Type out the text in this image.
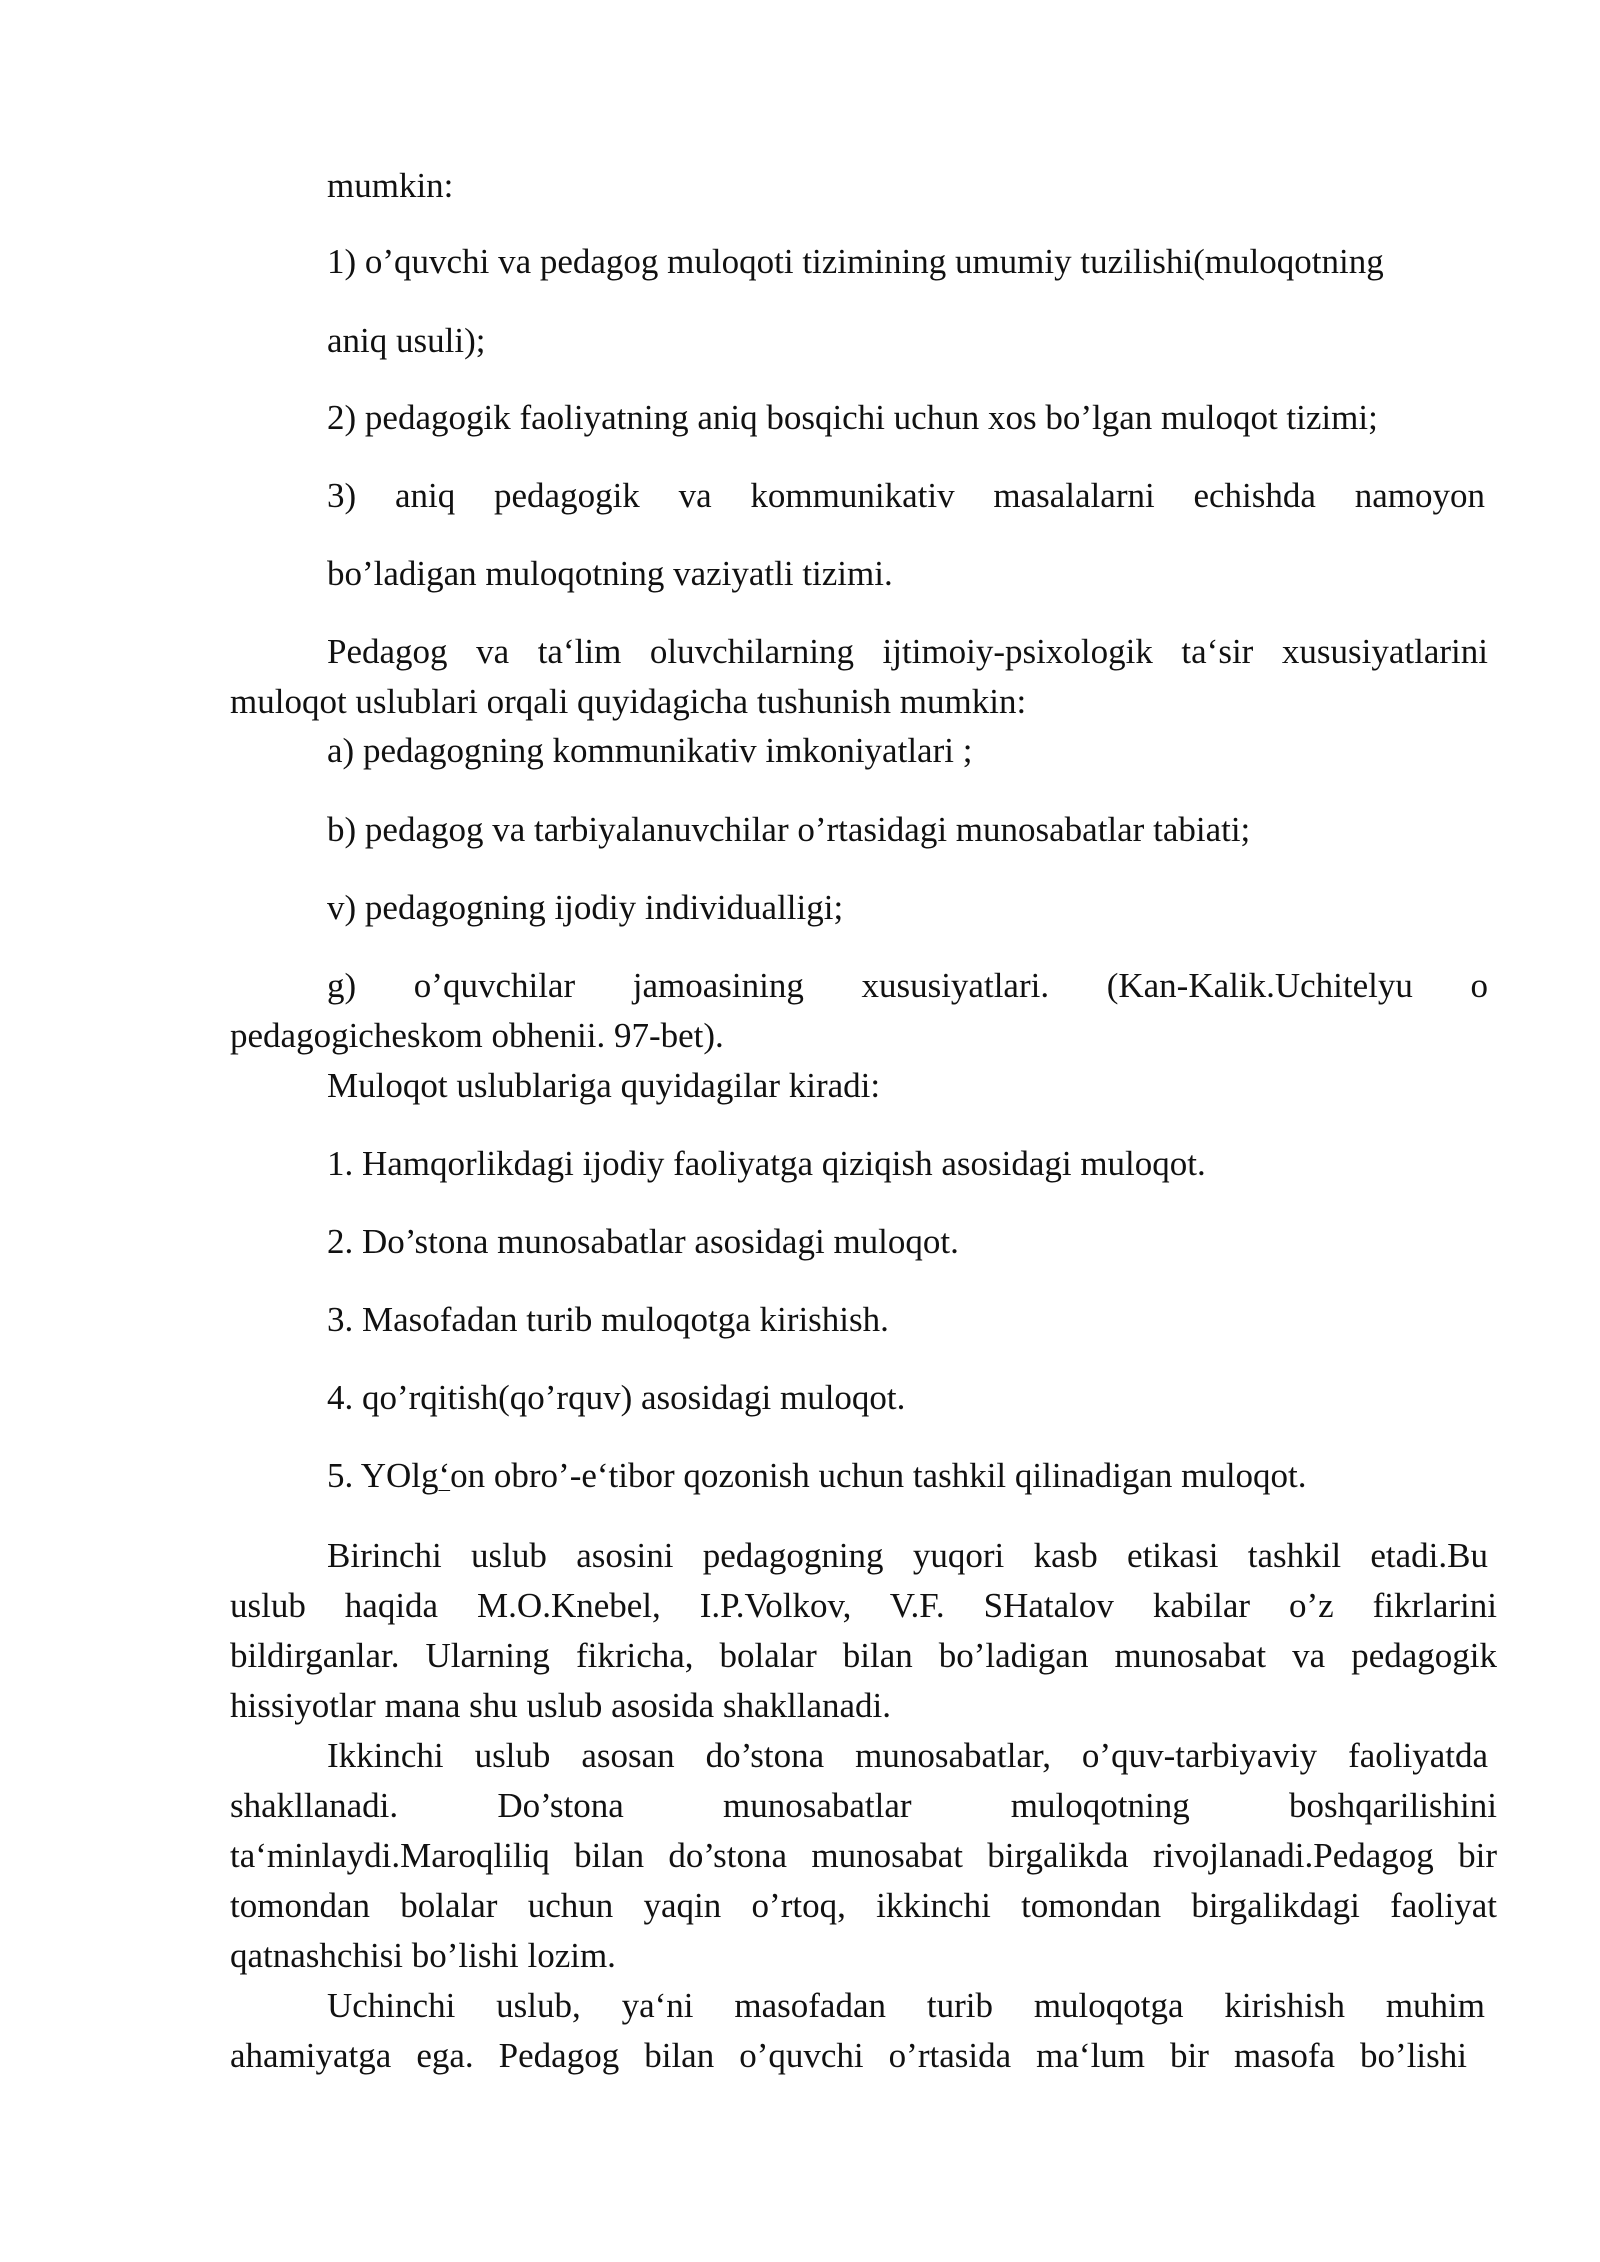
mumkin:

1) o’quvchi va pedagog muloqoti tizimining umumiy tuzilishi(muloqotning

aniq usuli);

2) pedagogik faoliyatning aniq bosqichi uchun xos bo’lgan muloqot tizimi;

3) aniq pedagogik va kommunikativ masalalarni echishda namoyon

bo’ladigan muloqotning vaziyatli tizimi.

Pedagog va ta‘lim oluvchilarning ijtimoiy-psixologik ta‘sir xususiyatlarini

muloqot uslublari orqali quyidagicha tushunish mumkin:

a) pedagogning kommunikativ imkoniyatlari ;

b) pedagog va tarbiyalanuvchilar o’rtasidagi munosabatlar tabiati;

v) pedagogning ijodiy individualligi;

g) o’quvchilar jamoasining xususiyatlari. (Kan-Kalik.Uchitelyu o

pedagogicheskom obhenii. 97-bet).

Muloqot uslublariga quyidagilar kiradi:

1. Hamqorlikdagi ijodiy faoliyatga qiziqish asosidagi muloqot.

2. Do’stona munosabatlar asosidagi muloqot.

3. Masofadan turib muloqotga kirishish.

4. qo’rqitish(qo’rquv) asosidagi muloqot.

5. YOlg‘on obro’-e‘tibor qozonish uchun tashkil qilinadigan muloqot.

Birinchi uslub asosini pedagogning yuqori kasb etikasi tashkil etadi.Bu

uslub haqida M.O.Knebel, I.P.Volkov, V.F. SHatalov kabilar o’z fikrlarini

bildirganlar. Ularning fikricha, bolalar bilan bo’ladigan munosabat va pedagogik

hissiyotlar mana shu uslub asosida shakllanadi.

Ikkinchi uslub asosan do’stona munosabatlar, o’quv-tarbiyaviy faoliyatda

shakllanadi. Do’stona munosabatlar muloqotning boshqarilishini

ta‘minlaydi.Maroqliliq bilan do’stona munosabat birgalikda rivojlanadi.Pedagog bir

tomondan bolalar uchun yaqin o’rtoq, ikkinchi tomondan birgalikdagi faoliyat

qatnashchisi bo’lishi lozim.

Uchinchi uslub, ya‘ni masofadan turib muloqotga kirishish muhim

ahamiyatga ega. Pedagog bilan o’quvchi o’rtasida ma‘lum bir masofa bo’lishi
